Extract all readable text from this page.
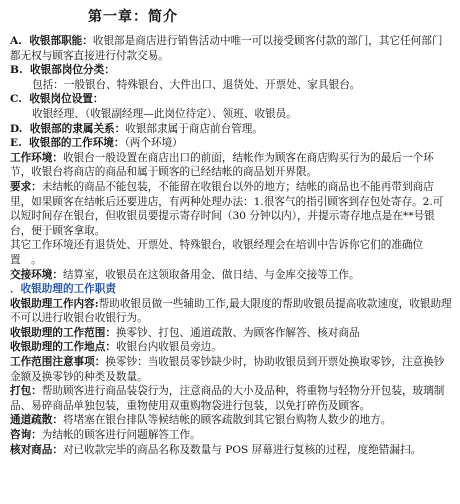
第一章：简介

A. 收银部职能：收银部是商店进行销售活动中唯一可以接受顾客付款的部门，其它任何部门都无权与顾客直接进行付款交易。

B. 收银部岗位分类：

包括：一般银台、特殊银台、大件出口、退货处、开票处、家具银台。

C. 收银岗位设置：

收银经理、（收银副经理—此岗位待定）、领班、收银员。

D. 收银部的隶属关系：收银部隶属于商店前台管理。

E. 收银部的工作环境：（两个环境）

工作环境：收银台一般设置在商店出口的前面，结帐作为顾客在商店购买行为的最后一个环节，收银台将商店的商品和属于顾客的已经结帐的商品划开界限。

要求：未结帐的商品不能包装，不能留在收银台以外的地方；结帐的商品也不能再带到商店里，如果顾客在结帐后还要进店，有两种处理办法：1.很客气的指引顾客到存包处寄存。2.可以短时间存在银台，但收银员要提示寄存时间（30 分钟以内），并提示寄存地点是在**号银台，便于顾客拿取。

其它工作环境还有退货处、开票处、特殊银台，收银经理会在培训中告诉你它们的准确位置　。

交接环境：结算室，收银员在这领取备用金、做日结、与金库交接等工作。

．收银助理的工作职责

收银助理工作内容:帮助收银员做一些辅助工作,最大限度的帮助收银员提高收款速度，收银助理不可以进行收银台收银行为。

收银助理的工作范围：换零钞、打包、通道疏散、为顾客作解答、核对商品

收银助理的工作地点：收银台内收银员旁边。

工作范围注意事项：换零钞：当收银员零钞缺少时，协助收银员到开票处换取零钞，注意换钞金额及换零钞的种类及数量。

打包：帮助顾客进行商品装袋行为，注意商品的大小及品种，将重物与轻物分开包装，玻璃制品、易碎商品单独包装，重物使用双重购物袋进行包装，以免打碎伤及顾客。

通道疏散：将堵塞在银台排队等候结帐的顾客疏散到其它银台购物人数少的地方。

咨询：为结帐的顾客进行问题解答工作。

核对商品：对已收款完毕的商品名称及数量与 POS 屏幕进行复核的过程，度绝错漏扫。
